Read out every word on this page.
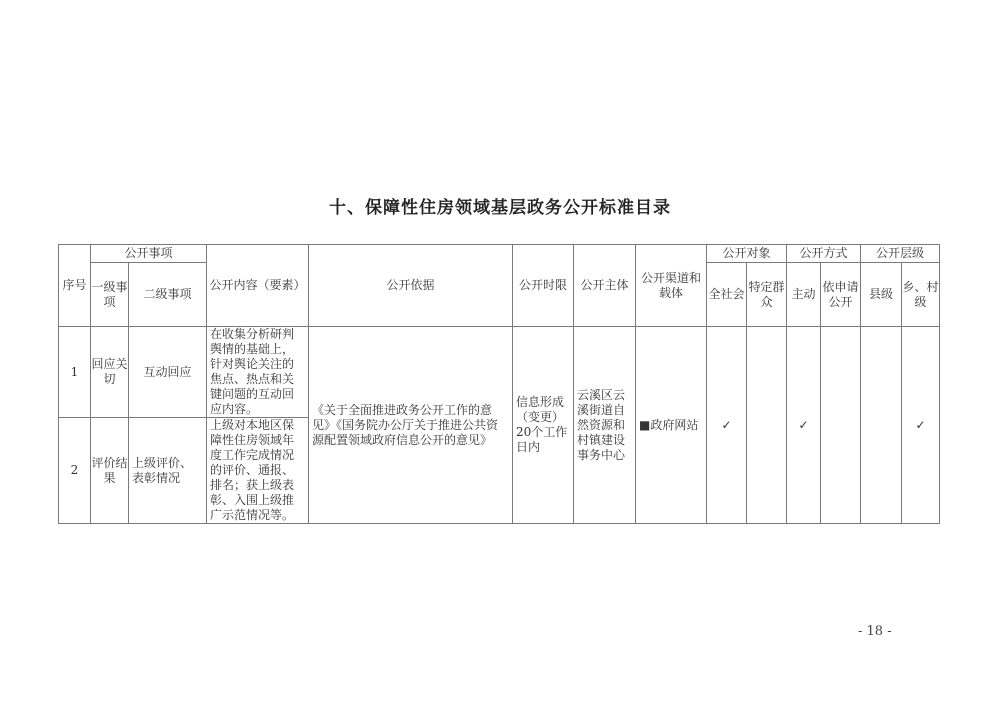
十、保障性住房领域基层政务公开标准目录
序号	公开事项		公开内容（要素）	公开依据	公开时限	公开主体	公开渠道和载体	公开对象		公开方式		公开层级	
	一级事项	二级事项						全社会	特定群众	主动	依申请公开	县级	乡、村级
1	回应关切	互动回应	在收集分析研判舆情的基础上，针对舆论关注的焦点、热点和关键问题的互动回应内容。	《关于全面推进政务公开工作的意见》《国务院办公厅关于推进公共资源配置领域政府信息公开的意见》	信息形成（变更）20个工作日内	云溪区云溪街道自然资源和村镇建设事务中心	■政府网站	✓		✓			✓
2	评价结果	上级评价、表彰情况	上级对本地区保障性住房领域年度工作完成情况的评价、通报、排名；获上级表彰、入围上级推广示范情况等。										
- 18 -
